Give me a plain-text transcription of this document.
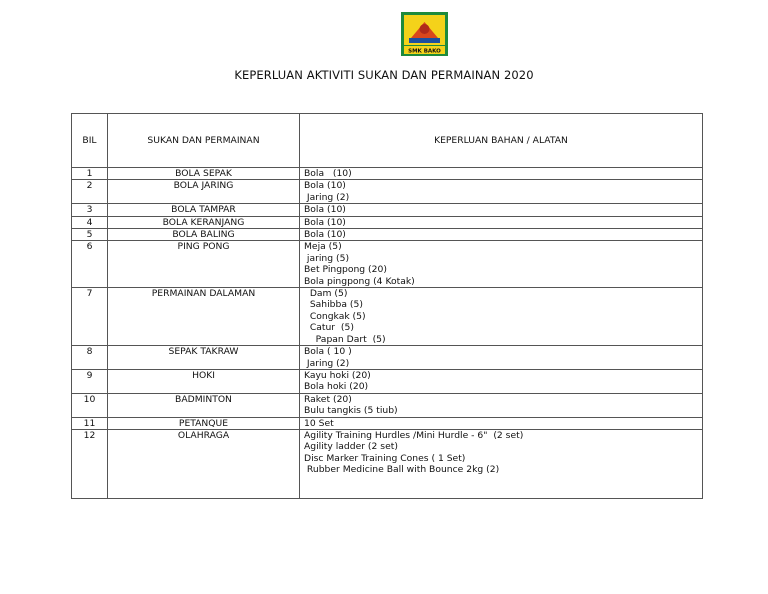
SMK BAKO
KEPERLUAN AKTIVITI SUKAN DAN PERMAINAN 2020
BIL	SUKAN DAN PERMAINAN	KEPERLUAN BAHAN / ALATAN
1	BOLA SEPAK	Bola   (10)

2	BOLA JARING	Bola (10)
Jaring (2)

3	BOLA TAMPAR	Bola (10)

4	BOLA KERANJANG	Bola (10)

5	BOLA BALING	Bola (10)

6	PING PONG	Meja (5)
jaring (5)
Bet Pingpong (20)
Bola pingpong (4 Kotak)

7	PERMAINAN DALAMAN	Dam (5)
Sahibba (5)
Congkak (5)
Catur  (5)
Papan Dart  (5)

8	SEPAK TAKRAW	Bola ( 10 )
Jaring (2)

9	HOKI	Kayu hoki (20)
Bola hoki (20)

10	BADMINTON	Raket (20)
Bulu tangkis (5 tiub)

11	PETANQUE	10 Set

12	OLAHRAGA	Agility Training Hurdles /Mini Hurdle - 6"  (2 set)
Agility ladder (2 set)
Disc Marker Training Cones ( 1 Set)
Rubber Medicine Ball with Bounce 2kg (2)
